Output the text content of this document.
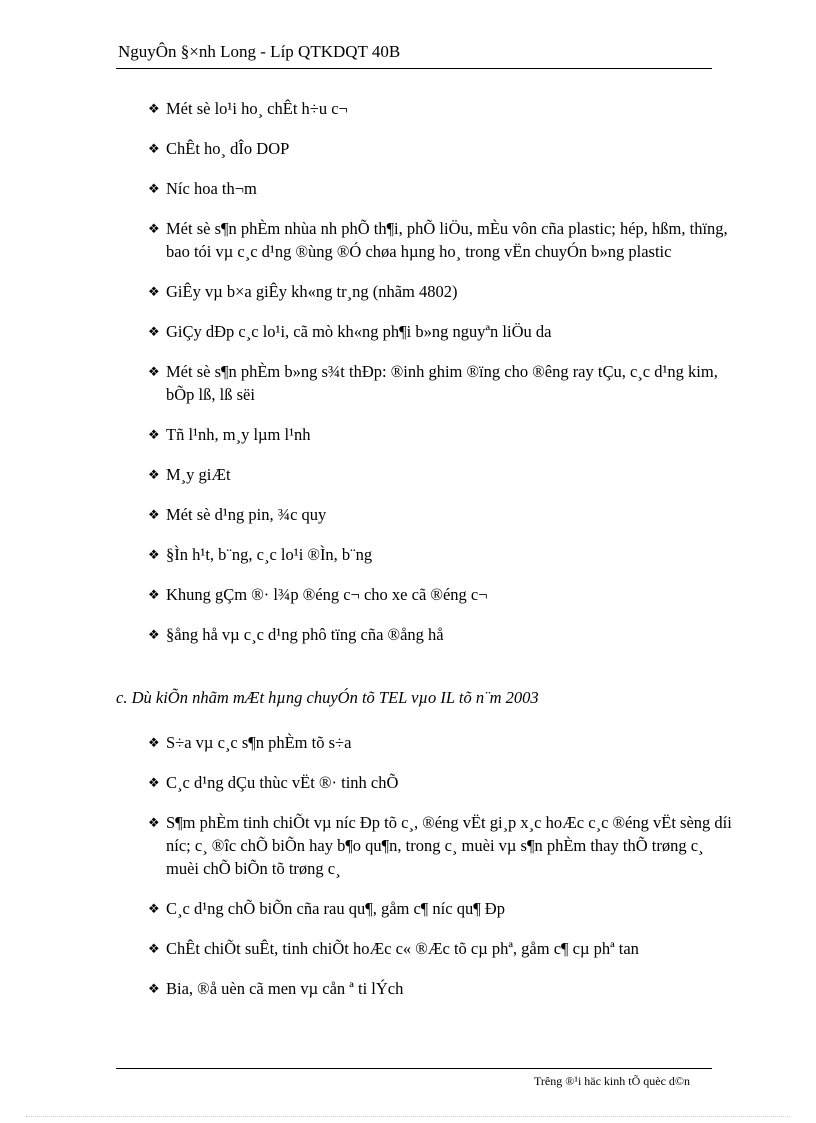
NguyÔn §×nh Long - Líp QTKDQT 40B
❖ Mét sè lo¹i ho¸ chÊt h÷u c¬
❖ ChÊt ho¸ dÎo DOP
❖ Níc hoa th¬m
❖ Mét sè s¶n phÈm nhùa nh phÕ th¶i, phÕ liÖu, mÈu vôn cña plastic; hép, hßm, thïng, bao tói vµ c¸c d¹ng ®ùng ®Ó chøa hµng ho¸ trong vËn chuyÓn b»ng plastic
❖ GiÊy vµ b×a giÊy kh«ng tr¸ng (nhãm 4802)
❖ GiÇy dÐp c¸c lo¹i, cã mò kh«ng ph¶i b»ng nguyªn liÖu da
❖ Mét sè s¶n phÈm b»ng s¾t thÐp: ®inh ghim ®ïng cho ®êng ray tÇu, c¸c d¹ng kim, bÕp lß, lß sëi
❖ Tñ l¹nh, m¸y lµm l¹nh
❖ M¸y giÆt
❖ Mét sè d¹ng pin, ¾c quy
❖ §Ìn h¹t, b¨ng, c¸c lo¹i ®Ìn, b¨ng
❖ Khung gÇm ®· l¾p ®éng c¬ cho xe cã ®éng c¬
❖ §ång hå vµ c¸c d¹ng phô tïng cña ®ång hå
c. Dù kiÕn nhãm mÆt hµng chuyÓn tõ TEL vµo IL tõ n¨m 2003
❖ S÷a vµ c¸c s¶n phÈm tõ s÷a
❖ C¸c d¹ng dÇu thùc vËt ®· tinh chÕ
❖ S¶m phÈm tinh chiÕt vµ níc Ðp tõ c¸, ®éng vËt gi¸p x¸c hoÆc c¸c ®éng vËt sèng díi níc; c¸ ®îc chÕ biÕn hay b¶o qu¶n, trong c¸ muèi vµ s¶n phÈm thay thÕ trøng c¸ muèi chÕ biÕn tõ trøng c¸
❖ C¸c d¹ng chÕ biÕn cña rau qu¶, gåm c¶ níc qu¶ Ðp
❖ ChÊt chiÕt suÊt, tinh chiÕt hoÆc c« ®Æc tõ cµ phª, gåm c¶ cµ phª tan
❖ Bia, ®å uèn cã men vµ cån ª ti lÝch
Trêng ®¹i häc kinh tÕ quèc d©n
